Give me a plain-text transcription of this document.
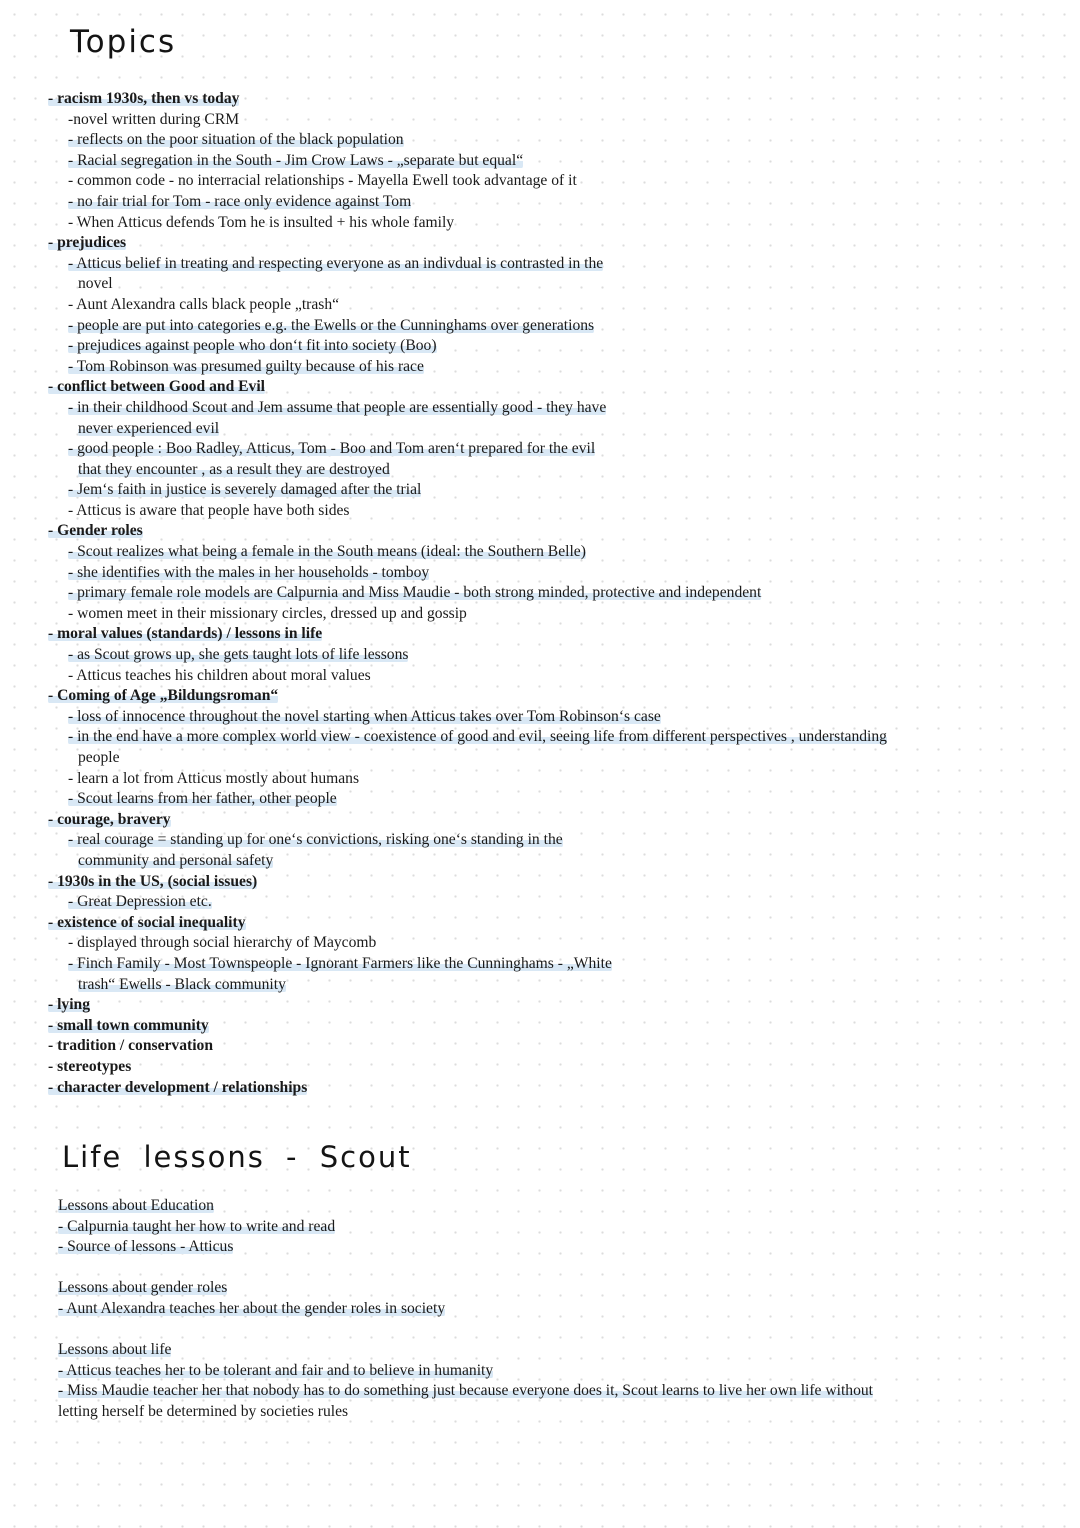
Topics
- racism 1930s, then vs today
-novel written during CRM
- reflects on the poor situation of the black population
- Racial segregation in the South - Jim Crow Laws - „separate but equal“
- common code - no interracial relationships - Mayella Ewell took advantage of it
- no fair trial for Tom - race only evidence against Tom
- When Atticus defends Tom he is insulted + his whole family
- prejudices
- Atticus belief in treating and respecting everyone as an indivdual is contrasted in the
novel
- Aunt Alexandra calls black people „trash“
- people are put into categories e.g. the Ewells or the Cunninghams over generations
- prejudices against people who don‘t fit into society (Boo)
- Tom Robinson was presumed guilty because of his race
- conflict between Good and Evil
- in their childhood Scout and Jem assume that people are essentially good - they have
never experienced evil
- good people : Boo Radley, Atticus, Tom - Boo and Tom aren‘t prepared for the evil
that they encounter , as a result they are destroyed
- Jem‘s faith in justice is severely damaged after the trial
- Atticus is aware that people have both sides
- Gender roles
- Scout realizes what being a female in the South means (ideal: the Southern Belle)
- she identifies with the males in her households - tomboy
- primary female role models are Calpurnia and Miss Maudie - both strong minded, protective and independent
- women meet in their missionary circles, dressed up and gossip
- moral values (standards) / lessons in life
- as Scout grows up, she gets taught lots of life lessons
- Atticus teaches his children about moral values
- Coming of Age „Bildungsroman“
- loss of innocence throughout the novel starting when Atticus takes over Tom Robinson‘s case
- in the end have a more complex world view - coexistence of good and evil, seeing life from different perspectives , understanding
people
- learn a lot from Atticus mostly about humans
- Scout learns from her father, other people
- courage, bravery
- real courage = standing up for one‘s convictions, risking one‘s standing in the
community and personal safety
- 1930s in the US, (social issues)
- Great Depression etc.
- existence of social inequality
- displayed through social hierarchy of Maycomb
- Finch Family - Most Townspeople - Ignorant Farmers like the Cunninghams - „White
trash“ Ewells - Black community
- lying
- small town community
- tradition / conservation
- stereotypes
- character development / relationships
Life lessons - Scout
Lessons about Education
- Calpurnia taught her how to write and read
- Source of lessons - Atticus
Lessons about gender roles
- Aunt Alexandra teaches her about the gender roles in society
Lessons about life
- Atticus teaches her to be tolerant and fair and to believe in humanity
- Miss Maudie teacher her that nobody has to do something just because everyone does it, Scout learns to live her own life without
letting herself be determined by societies rules
